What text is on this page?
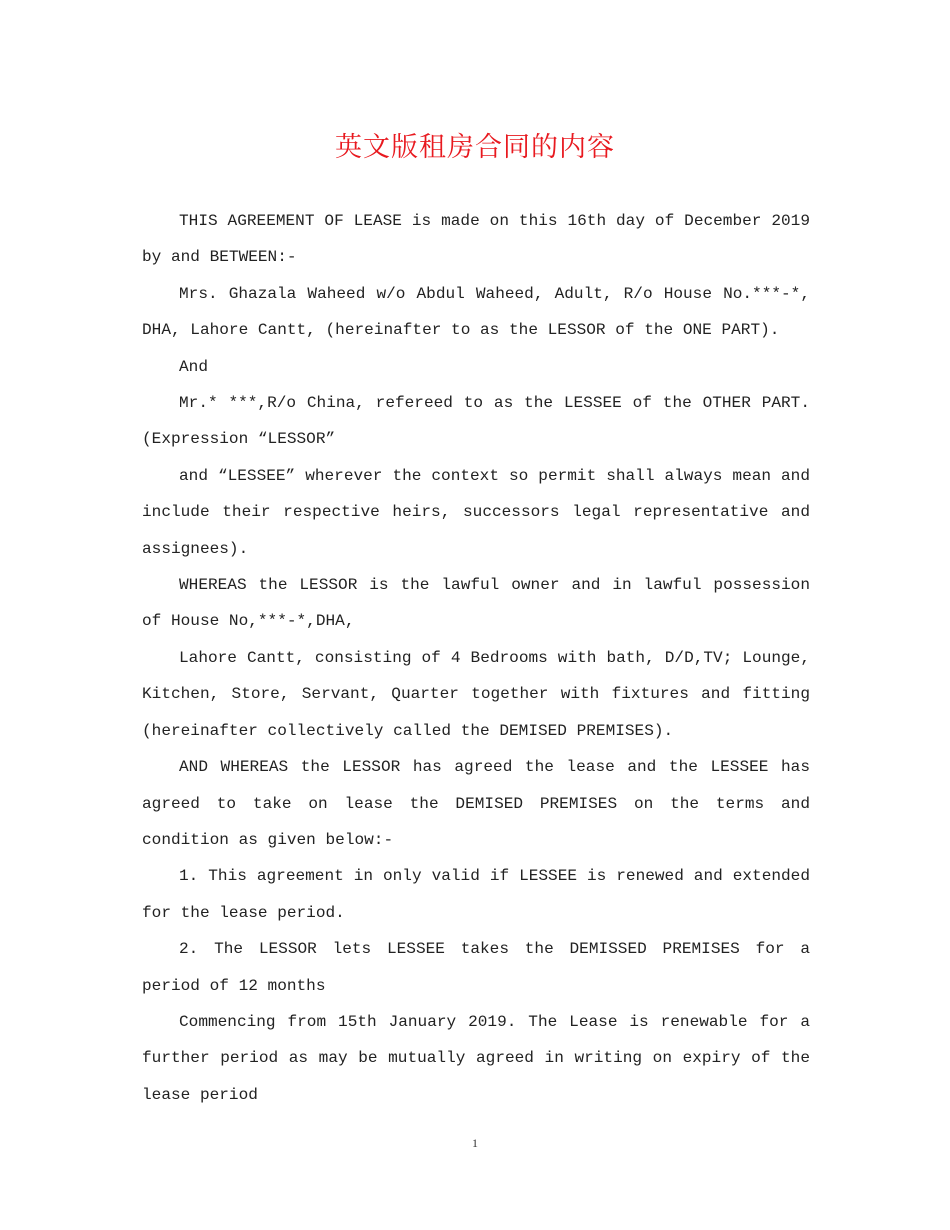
英文版租房合同的内容

THIS AGREEMENT OF LEASE is made on this 16th day of December 2019 by and BETWEEN:-

Mrs. Ghazala Waheed w/o Abdul Waheed, Adult, R/o House No.***-*, DHA, Lahore Cantt, (hereinafter to as the LESSOR of the ONE PART).

And

Mr.* ***,R/o China, refereed to as the LESSEE of the OTHER PART. (Expression “LESSOR”

and “LESSEE” wherever the context so permit shall always mean and include their respective heirs, successors legal representative and assignees).

WHEREAS the LESSOR is the lawful owner and in lawful possession of House No,***-*,DHA,

Lahore Cantt, consisting of 4 Bedrooms with bath, D/D,TV; Lounge, Kitchen, Store, Servant, Quarter together with fixtures and fitting (hereinafter collectively called the DEMISED PREMISES).

AND WHEREAS the LESSOR has agreed the lease and the LESSEE has agreed to take on lease the DEMISED PREMISES on the terms and condition as given below:-

1. This agreement in only valid if LESSEE is renewed and extended for the lease period.

2. The LESSOR lets LESSEE takes the DEMISSED PREMISES for a period of 12 months

Commencing from 15th January 2019. The Lease is renewable for a further period as may be mutually agreed in writing on expiry of the lease period

1
